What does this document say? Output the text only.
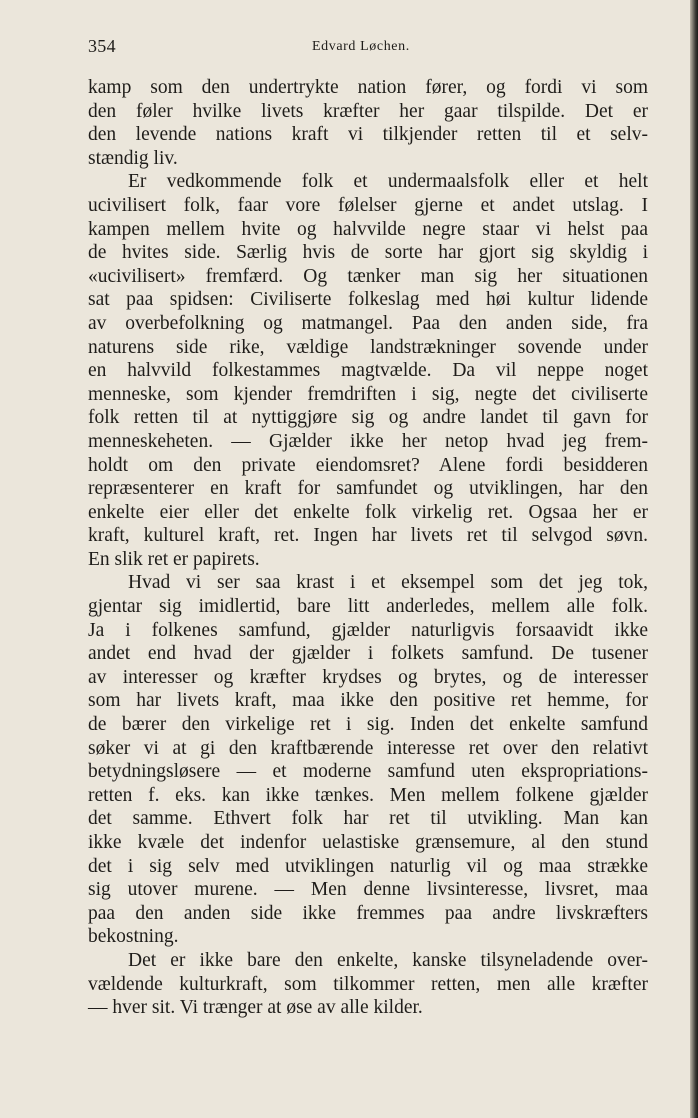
354	Edvard Løchen.
kamp som den undertrykte nation fører, og fordi vi som
den føler hvilke livets kræfter her gaar tilspilde. Det er
den levende nations kraft vi tilkjender retten til et selv-
stændig liv.
Er vedkommende folk et undermaalsfolk eller et helt
ucivilisert folk, faar vore følelser gjerne et andet utslag. I
kampen mellem hvite og halvvilde negre staar vi helst paa
de hvites side. Særlig hvis de sorte har gjort sig skyldig i
«ucivilisert» fremfærd. Og tænker man sig her situationen
sat paa spidsen: Civiliserte folkeslag med høi kultur lidende
av overbefolkning og matmangel. Paa den anden side, fra
naturens side rike, vældige landstrækninger sovende under
en halvvild folkestammes magtvælde. Da vil neppe noget
menneske, som kjender fremdriften i sig, negte det civiliserte
folk retten til at nyttiggjøre sig og andre landet til gavn for
menneskeheten. — Gjælder ikke her netop hvad jeg frem-
holdt om den private eiendomsret? Alene fordi besidderen
repræsenterer en kraft for samfundet og utviklingen, har den
enkelte eier eller det enkelte folk virkelig ret. Ogsaa her er
kraft, kulturel kraft, ret. Ingen har livets ret til selvgod søvn.
En slik ret er papirets.
Hvad vi ser saa krast i et eksempel som det jeg tok,
gjentar sig imidlertid, bare litt anderledes, mellem alle folk.
Ja i folkenes samfund, gjælder naturligvis forsaavidt ikke
andet end hvad der gjælder i folkets samfund. De tusener
av interesser og kræfter krydses og brytes, og de interesser
som har livets kraft, maa ikke den positive ret hemme, for
de bærer den virkelige ret i sig. Inden det enkelte samfund
søker vi at gi den kraftbærende interesse ret over den relativt
betydningsløsere — et moderne samfund uten ekspropriations-
retten f. eks. kan ikke tænkes. Men mellem folkene gjælder
det samme. Ethvert folk har ret til utvikling. Man kan
ikke kvæle det indenfor uelastiske grænsemure, al den stund
det i sig selv med utviklingen naturlig vil og maa strække
sig utover murene. — Men denne livsinteresse, livsret, maa
paa den anden side ikke fremmes paa andre livskræfters
bekostning.
Det er ikke bare den enkelte, kanske tilsyneladende over-
vældende kulturkraft, som tilkommer retten, men alle kræfter
— hver sit. Vi trænger at øse av alle kilder.
